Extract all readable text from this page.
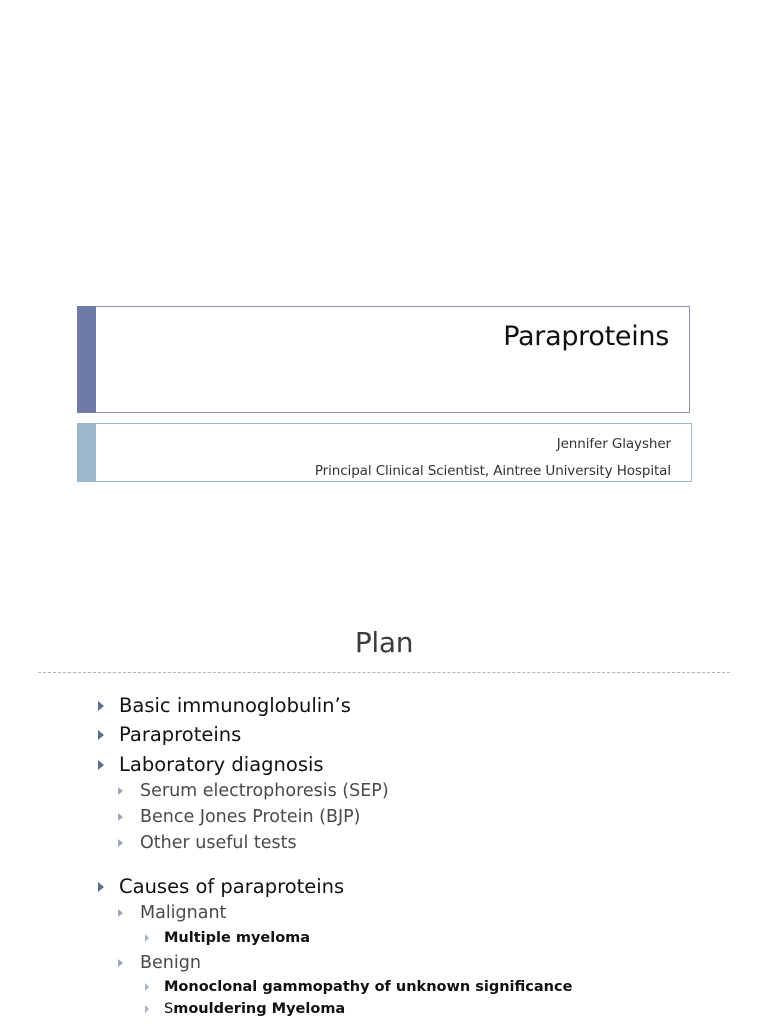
Paraproteins
Jennifer Glaysher
Principal Clinical Scientist, Aintree University Hospital
Plan
Basic immunoglobulin’s
Paraproteins
Laboratory diagnosis
Serum electrophoresis (SEP)
Bence Jones Protein (BJP)
Other useful tests
Causes of paraproteins
Malignant
Multiple myeloma
Benign
Monoclonal gammopathy of unknown significance
S moulderin g Myeloma
